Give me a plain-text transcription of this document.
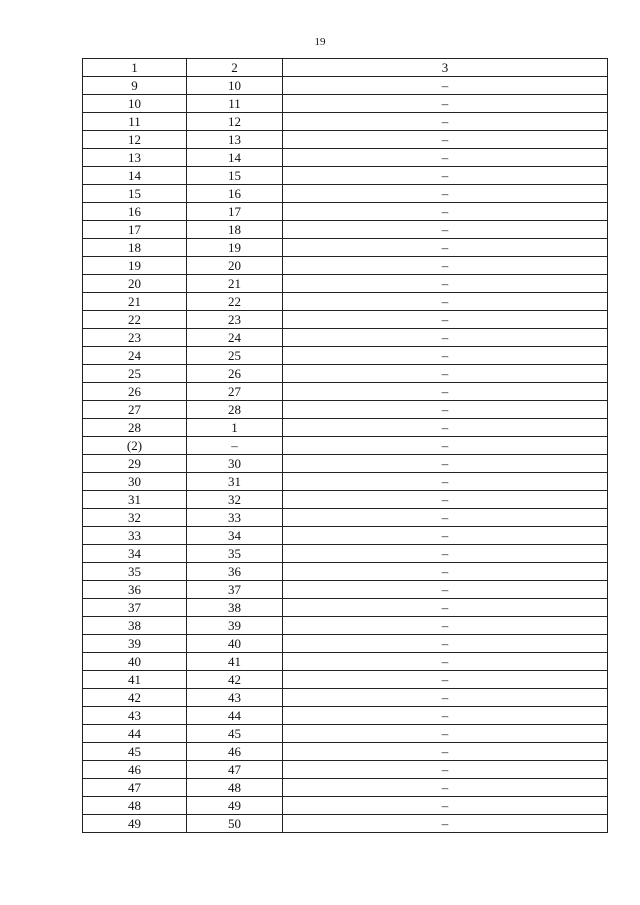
19
1	2	3
9	10	–
10	11	–
11	12	–
12	13	–
13	14	–
14	15	–
15	16	–
16	17	–
17	18	–
18	19	–
19	20	–
20	21	–
21	22	–
22	23	–
23	24	–
24	25	–
25	26	–
26	27	–
27	28	–
28	1	–
(2)	–	–
29	30	–
30	31	–
31	32	–
32	33	–
33	34	–
34	35	–
35	36	–
36	37	–
37	38	–
38	39	–
39	40	–
40	41	–
41	42	–
42	43	–
43	44	–
44	45	–
45	46	–
46	47	–
47	48	–
48	49	–
49	50	–
